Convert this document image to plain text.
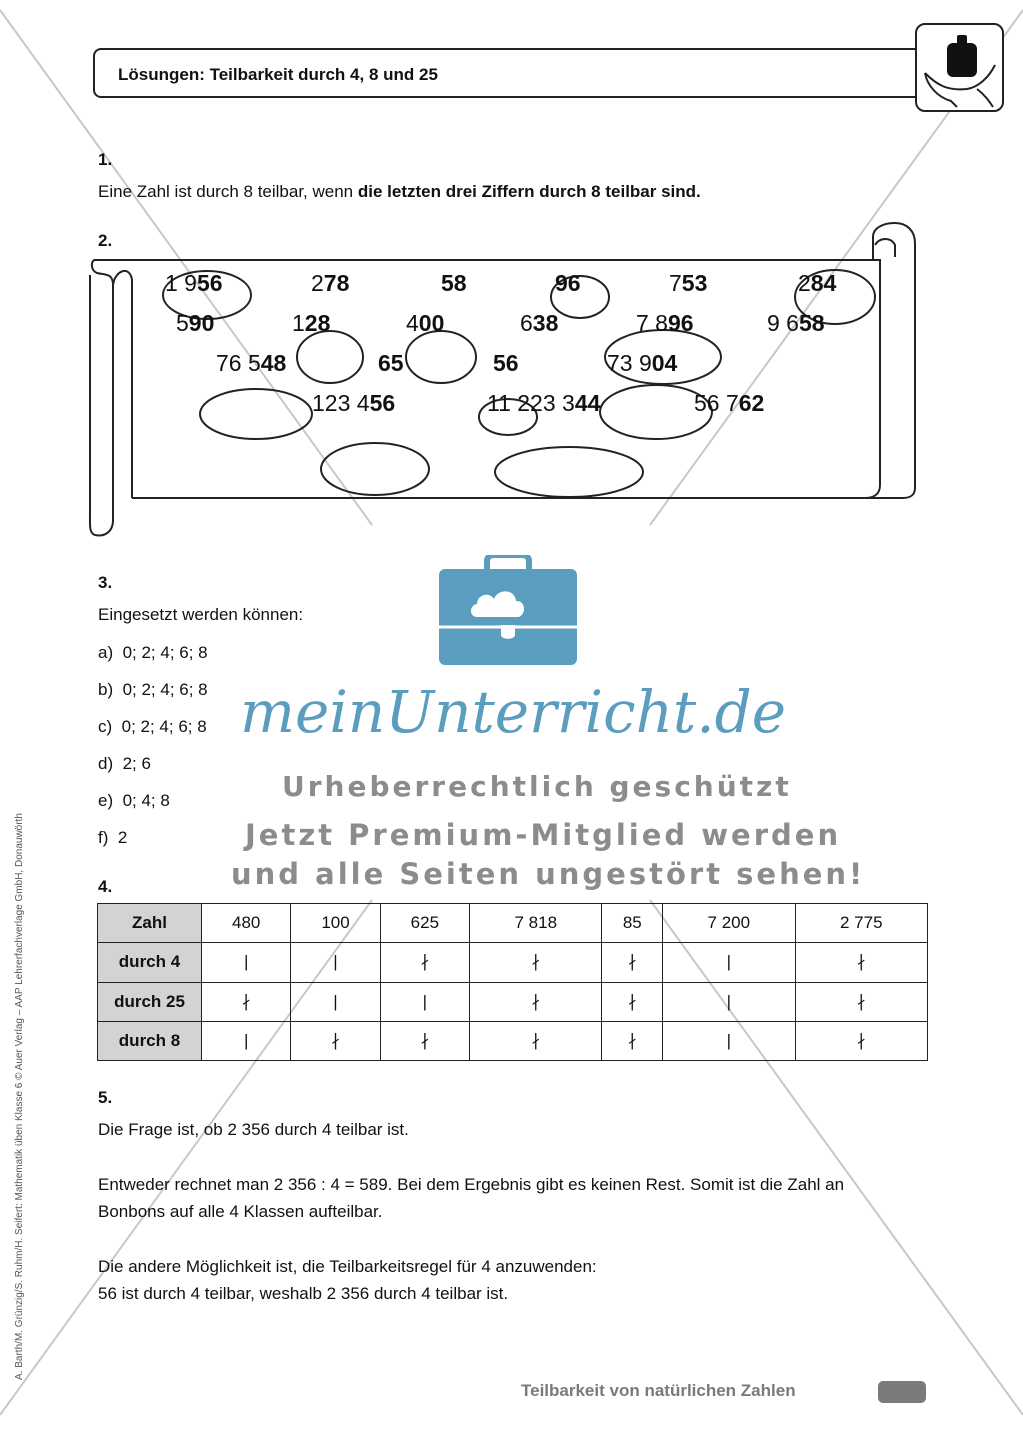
Lösungen: Teilbarkeit durch 4, 8 und 25
1.
Eine Zahl ist durch 8 teilbar, wenn die letzten drei Ziffern durch 8 teilbar sind.
2.
1 956	278	58	96	753	284
590	128	400	638	7 896	9 658
76 548	65	56	73 904
123 456	11 223 344	56 762
3.
Eingesetzt werden können:
a) 0; 2; 4; 6; 8
b) 0; 2; 4; 6; 8
c) 0; 2; 4; 6; 8
d) 2; 6
e) 0; 4; 8
f) 2
meinUnterricht.de
Urheberrechtlich geschützt
Jetzt Premium-Mitglied werden
und alle Seiten ungestört sehen!
4.
Zahl	480	100	625	7 818	85	7 200	2 775
durch 4	|	|	∤	∤	∤	|	∤
durch 25	∤	|	|	∤	∤	|	∤
durch 8	|	∤	∤	∤	∤	|	∤
5.
Die Frage ist, ob 2 356 durch 4 teilbar ist.
Entweder rechnet man 2 356 : 4 = 589. Bei dem Ergebnis gibt es keinen Rest. Somit ist die Zahl an
Bonbons auf alle 4 Klassen aufteilbar.
Die andere Möglichkeit ist, die Teilbarkeitsregel für 4 anzuwenden:
56 ist durch 4 teilbar, weshalb 2 356 durch 4 teilbar ist.
A. Barth/M. Grünzig/S. Ruhm/H. Seifert: Mathematik üben Klasse 6 © Auer Verlag – AAP Lehrerfachverlage GmbH, Donauwörth
Teilbarkeit von natürlichen Zahlen
